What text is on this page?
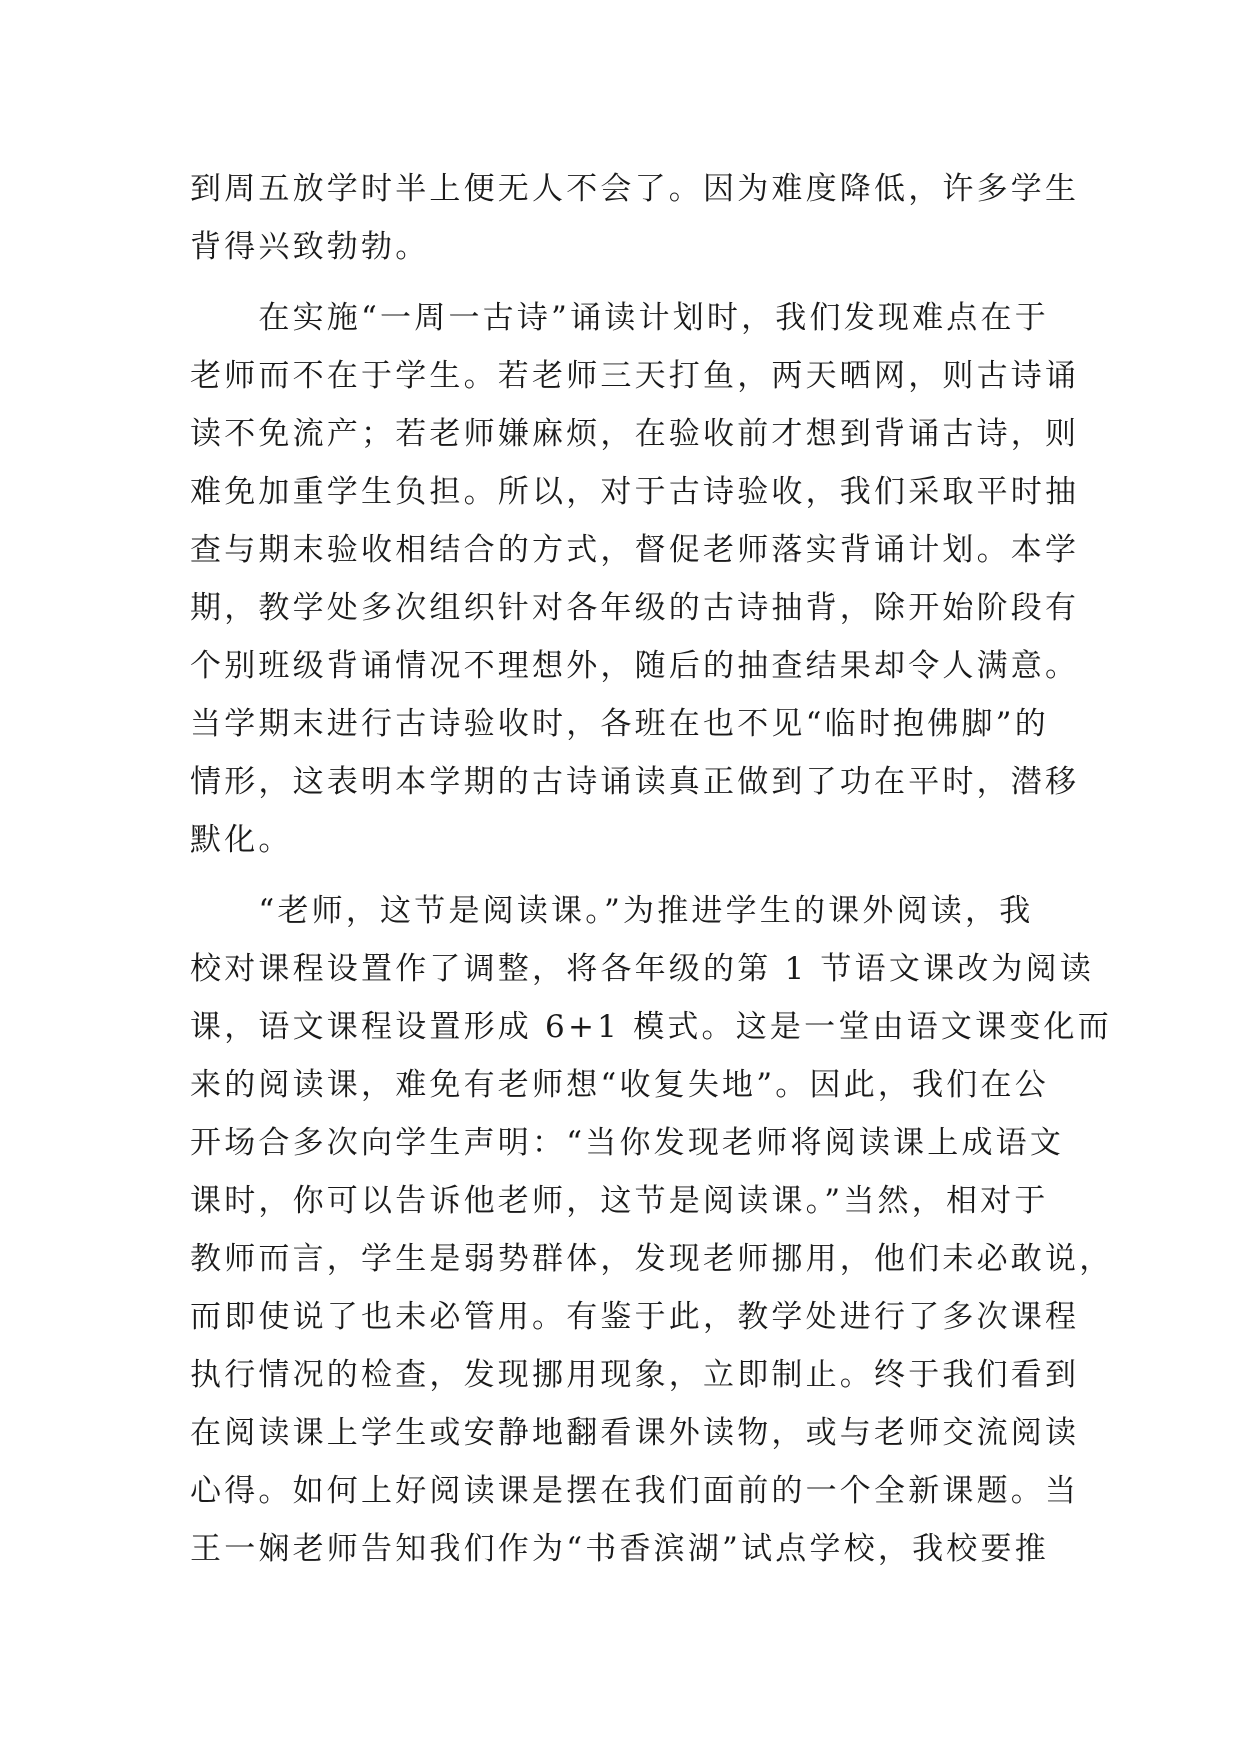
到周五放学时半上便无人不会了。因为难度降低，许多学生
背得兴致勃勃。
　　在实施“一周一古诗”诵读计划时，我们发现难点在于
老师而不在于学生。若老师三天打鱼，两天晒网，则古诗诵
读不免流产；若老师嫌麻烦，在验收前才想到背诵古诗，则
难免加重学生负担。所以，对于古诗验收，我们采取平时抽
查与期末验收相结合的方式，督促老师落实背诵计划。本学
期，教学处多次组织针对各年级的古诗抽背，除开始阶段有
个别班级背诵情况不理想外，随后的抽查结果却令人满意。
当学期末进行古诗验收时，各班在也不见“临时抱佛脚”的
情形，这表明本学期的古诗诵读真正做到了功在平时，潜移
默化。
　　“老师，这节是阅读课。”为推进学生的课外阅读，我
校对课程设置作了调整，将各年级的第 1 节语文课改为阅读
课，语文课程设置形成 6+1 模式。这是一堂由语文课变化而
来的阅读课，难免有老师想“收复失地”。因此，我们在公
开场合多次向学生声明：“当你发现老师将阅读课上成语文
课时，你可以告诉他老师，这节是阅读课。”当然，相对于
教师而言，学生是弱势群体，发现老师挪用，他们未必敢说，
而即使说了也未必管用。有鉴于此，教学处进行了多次课程
执行情况的检查，发现挪用现象，立即制止。终于我们看到
在阅读课上学生或安静地翻看课外读物，或与老师交流阅读
心得。如何上好阅读课是摆在我们面前的一个全新课题。当
王一娴老师告知我们作为“书香滨湖”试点学校，我校要推
